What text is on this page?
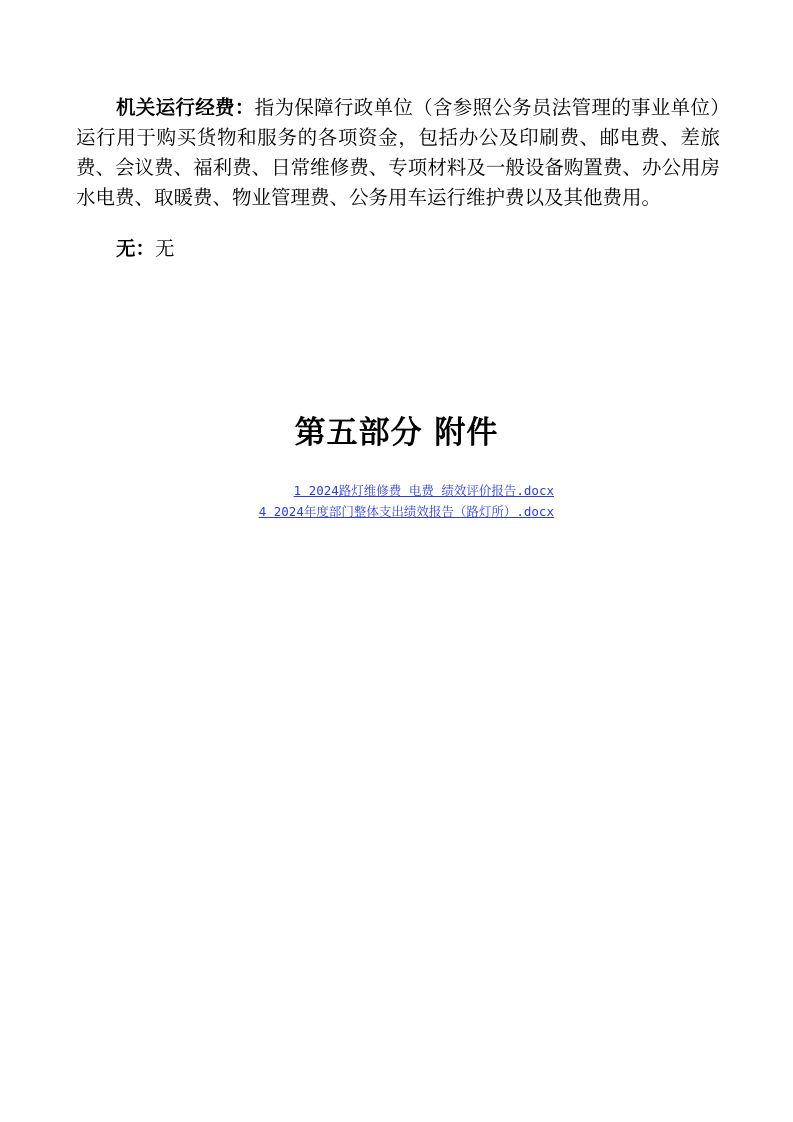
机关运行经费：指为保障行政单位（含参照公务员法管理的事业单位）运行用于购买货物和服务的各项资金，包括办公及印刷费、邮电费、差旅费、会议费、福利费、日常维修费、专项材料及一般设备购置费、办公用房水电费、取暖费、物业管理费、公务用车运行维护费以及其他费用。

无：无

第五部分 附件
1 2024路灯维修费 电费 绩效评价报告.docx
4 2024年度部门整体支出绩效报告（路灯所）.docx
